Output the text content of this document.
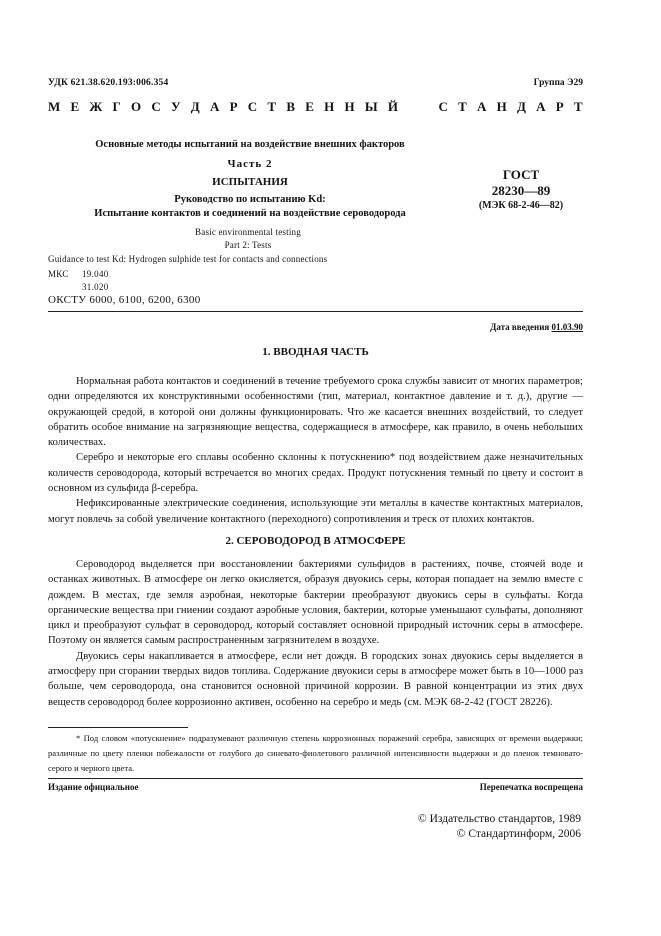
УДК 621.38.620.193:006.354	Группа Э29
М Е Ж Г О С У Д А Р С Т В Е Н Н Ы Й	С Т А Н Д А Р Т
Основные методы испытаний на воздействие внешних факторов
Часть 2
ИСПЫТАНИЯ
Руководство по испытанию Kd:
Испытание контактов и соединений на воздействие сероводорода
ГОСТ
28230—89
(МЭК 68-2-46—82)
Basic environmental testing
Part 2: Tests
Guidance to test Kd: Hydrogen sulphide test for contacts and connections
МКС 19.040
31.020
ОКСТУ 6000, 6100, 6200, 6300
Дата введения 01.03.90
1. ВВОДНАЯ ЧАСТЬ

Нормальная работа контактов и соединений в течение требуемого срока службы зависит от многих параметров; одни определяются их конструктивными особенностями (тип, материал, контактное давление и т. д.), другие — окружающей средой, в которой они должны функционировать. Что же касается внешних воздействий, то следует обратить особое внимание на загрязняющие вещества, содержащиеся в атмосфере, как правило, в очень небольших количествах.

Серебро и некоторые его сплавы особенно склонны к потускнению* под воздействием даже незначительных количеств сероводорода, который встречается во многих средах. Продукт потускнения темный по цвету и состоит в основном из сульфида β-серебра.

Нефиксированные электрические соединения, использующие эти металлы в качестве контактных материалов, могут повлечь за собой увеличение контактного (переходного) сопротивления и треск от плохих контактов.

2. СЕРОВОДОРОД В АТМОСФЕРЕ

Сероводород выделяется при восстановлении бактериями сульфидов в растениях, почве, стоячей воде и останках животных. В атмосфере он легко окисляется, образуя двуокись серы, которая попадает на землю вместе с дождем. В местах, где земля аэробная, некоторые бактерии преобразуют двуокись серы в сульфаты. Когда органические вещества при гниении создают аэробные условия, бактерии, которые уменьшают сульфаты, дополняют цикл и преобразуют сульфат в сероводород, который составляет основной природный источник серы в атмосфере. Поэтому он является самым распространенным загрязнителем в воздухе.

Двуокись серы накапливается в атмосфере, если нет дождя. В городских зонах двуокись серы выделяется в атмосферу при сгорании твердых видов топлива. Содержание двуокиси серы в атмосфере может быть в 10—1000 раз больше, чем сероводорода, она становится основной причиной коррозии. В равной концентрации из этих двух веществ сероводород более коррозионно активен, особенно на серебро и медь (см. МЭК 68-2-42 (ГОСТ 28226).

* Под словом «потускнение» подразумевают различную степень коррозионных поражений серебра, зависящих от времени выдержки; различные по цвету пленки побежалости от голубого до синевато-фиолетового различной интенсивности выдержки и до пленок темновато-серого и черного цвета.

Издание официальное	Перепечатка воспрещена
© Издательство стандартов, 1989
© Стандартинформ, 2006
